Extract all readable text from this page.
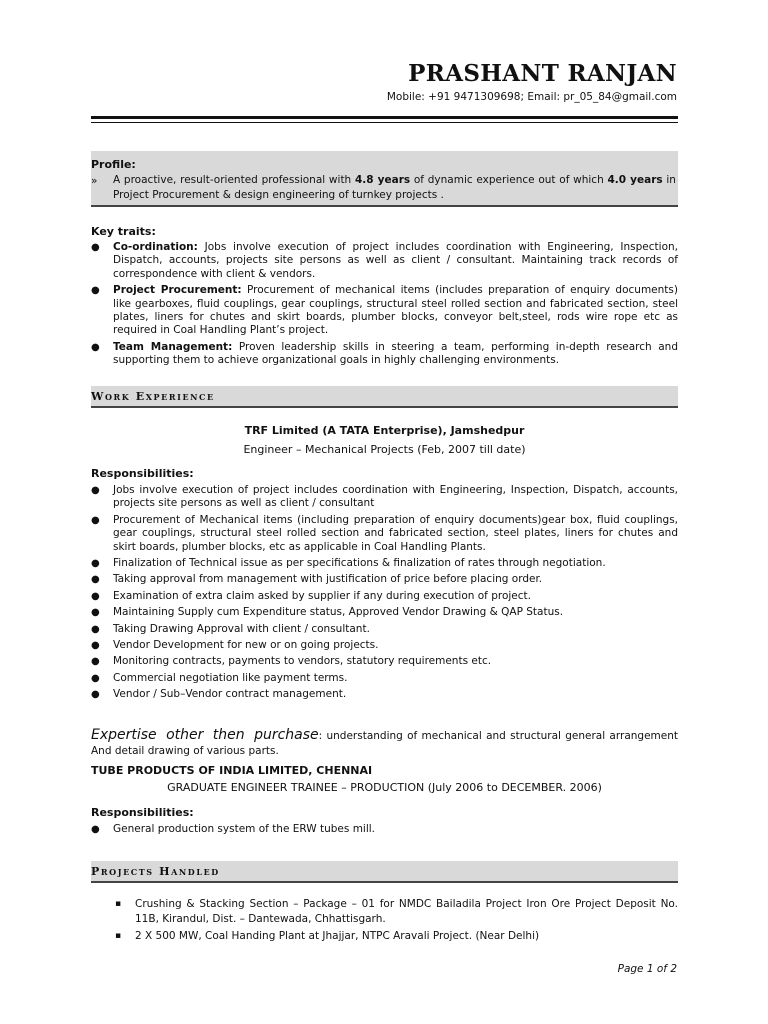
PRASHANT RANJAN
Mobile: +91 9471309698; Email: pr_05_84@gmail.com
Profile:
» A proactive, result-oriented professional with 4.8 years of dynamic experience out of which 4.0 years in Project Procurement & design engineering of turnkey projects .
Key traits:
● Co-ordination: Jobs involve execution of project includes coordination with Engineering, Inspection, Dispatch, accounts, projects site persons as well as client / consultant. Maintaining track records of correspondence with client & vendors.
● Project Procurement: Procurement of mechanical items (includes preparation of enquiry documents) like gearboxes, fluid couplings, gear couplings, structural steel rolled section and fabricated section, steel plates, liners for chutes and skirt boards, plumber blocks, conveyor belt,steel, rods wire rope etc as required in Coal Handling Plant’s project.
● Team Management: Proven leadership skills in steering a team, performing in-depth research and supporting them to achieve organizational goals in highly challenging environments.
Work Experience
TRF Limited (A TATA Enterprise), Jamshedpur
Engineer – Mechanical Projects (Feb, 2007 till date)
Responsibilities:
● Jobs involve execution of project includes coordination with Engineering, Inspection, Dispatch, accounts, projects site persons as well as client / consultant
● Procurement of Mechanical items (including preparation of enquiry documents)gear box, fluid couplings, gear couplings, structural steel rolled section and fabricated section, steel plates, liners for chutes and skirt boards, plumber blocks, etc as applicable in Coal Handling Plants.
● Finalization of Technical issue as per specifications & finalization of rates through negotiation.
● Taking approval from management with justification of price before placing order.
● Examination of extra claim asked by supplier if any during execution of project.
● Maintaining Supply cum Expenditure status, Approved Vendor Drawing & QAP Status.
● Taking Drawing Approval with client / consultant.
● Vendor Development for new or on going projects.
● Monitoring contracts, payments to vendors, statutory requirements etc.
● Commercial negotiation like payment terms.
● Vendor / Sub–Vendor contract management.
Expertise other then purchase: understanding of mechanical and structural general arrangement And detail drawing of various parts.
TUBE PRODUCTS OF INDIA LIMITED, CHENNAI
GRADUATE ENGINEER TRAINEE – PRODUCTION (July 2006 to DECEMBER. 2006)
Responsibilities:
● General production system of the ERW tubes mill.
Projects Handled
▪ Crushing & Stacking Section – Package – 01 for NMDC Bailadila Project Iron Ore Project Deposit No. 11B, Kirandul, Dist. – Dantewada, Chhattisgarh.
▪ 2 X 500 MW, Coal Handing Plant at Jhajjar, NTPC Aravali Project. (Near Delhi)
Page 1 of 2
